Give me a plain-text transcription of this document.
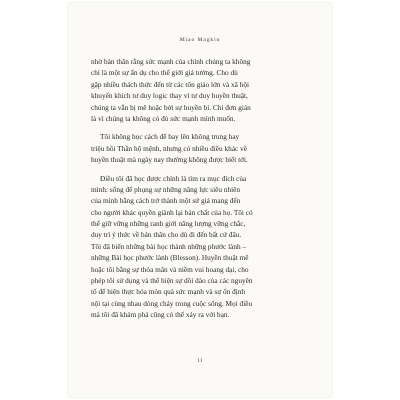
Miao Magkiu
nhờ bản thân rằng sức mạnh của chính chúng ta không
chỉ là một sự ẩn dụ cho thế giới giả tưởng. Cho dù
gặp nhiều thách thức đến từ các tôn giáo lớn và xã hội
khuyến khích tư duy logic thay vì tư duy huyền thuật,
chúng ta vẫn bị mê hoặc bởi sự huyền bí. Chỉ đơn giản
là vì chúng ta không có đủ sức mạnh mình muốn.
Tôi không học cách để bay lên không trung hay
triệu hồi Thần hộ mệnh, nhưng có nhiều điều khác về
huyền thuật mà ngày nay thường không được biết tới.
Điều tôi đã học được chính là tìm ra mục đích của
mình: sống để phụng sự những năng lực siêu nhiên
của mình bằng cách trở thành một sứ giả mang đến
cho người khác quyền giành lại bản chất của họ. Tôi có
thể giữ vững những ranh giới năng lượng vững chắc,
duy trì ý thức về bản thân cho dù đi đến bất cứ đâu.
Tôi đã biến những bài học thành những phước lành –
những Bài học phước lành (Blesson). Huyền thuật mê
hoặc tôi bằng sự thỏa mãn và niềm vui hoang dại, cho
phép tôi sử dụng và thể hiện sự dồi dào của các nguyên
tố để hiện thực hóa món quà sức mạnh và sự ổn định
nội tại cùng nhau dòng chảy trong cuộc sống. Mọi điều
mà tôi đã khám phá cũng có thể xảy ra với bạn.
11
